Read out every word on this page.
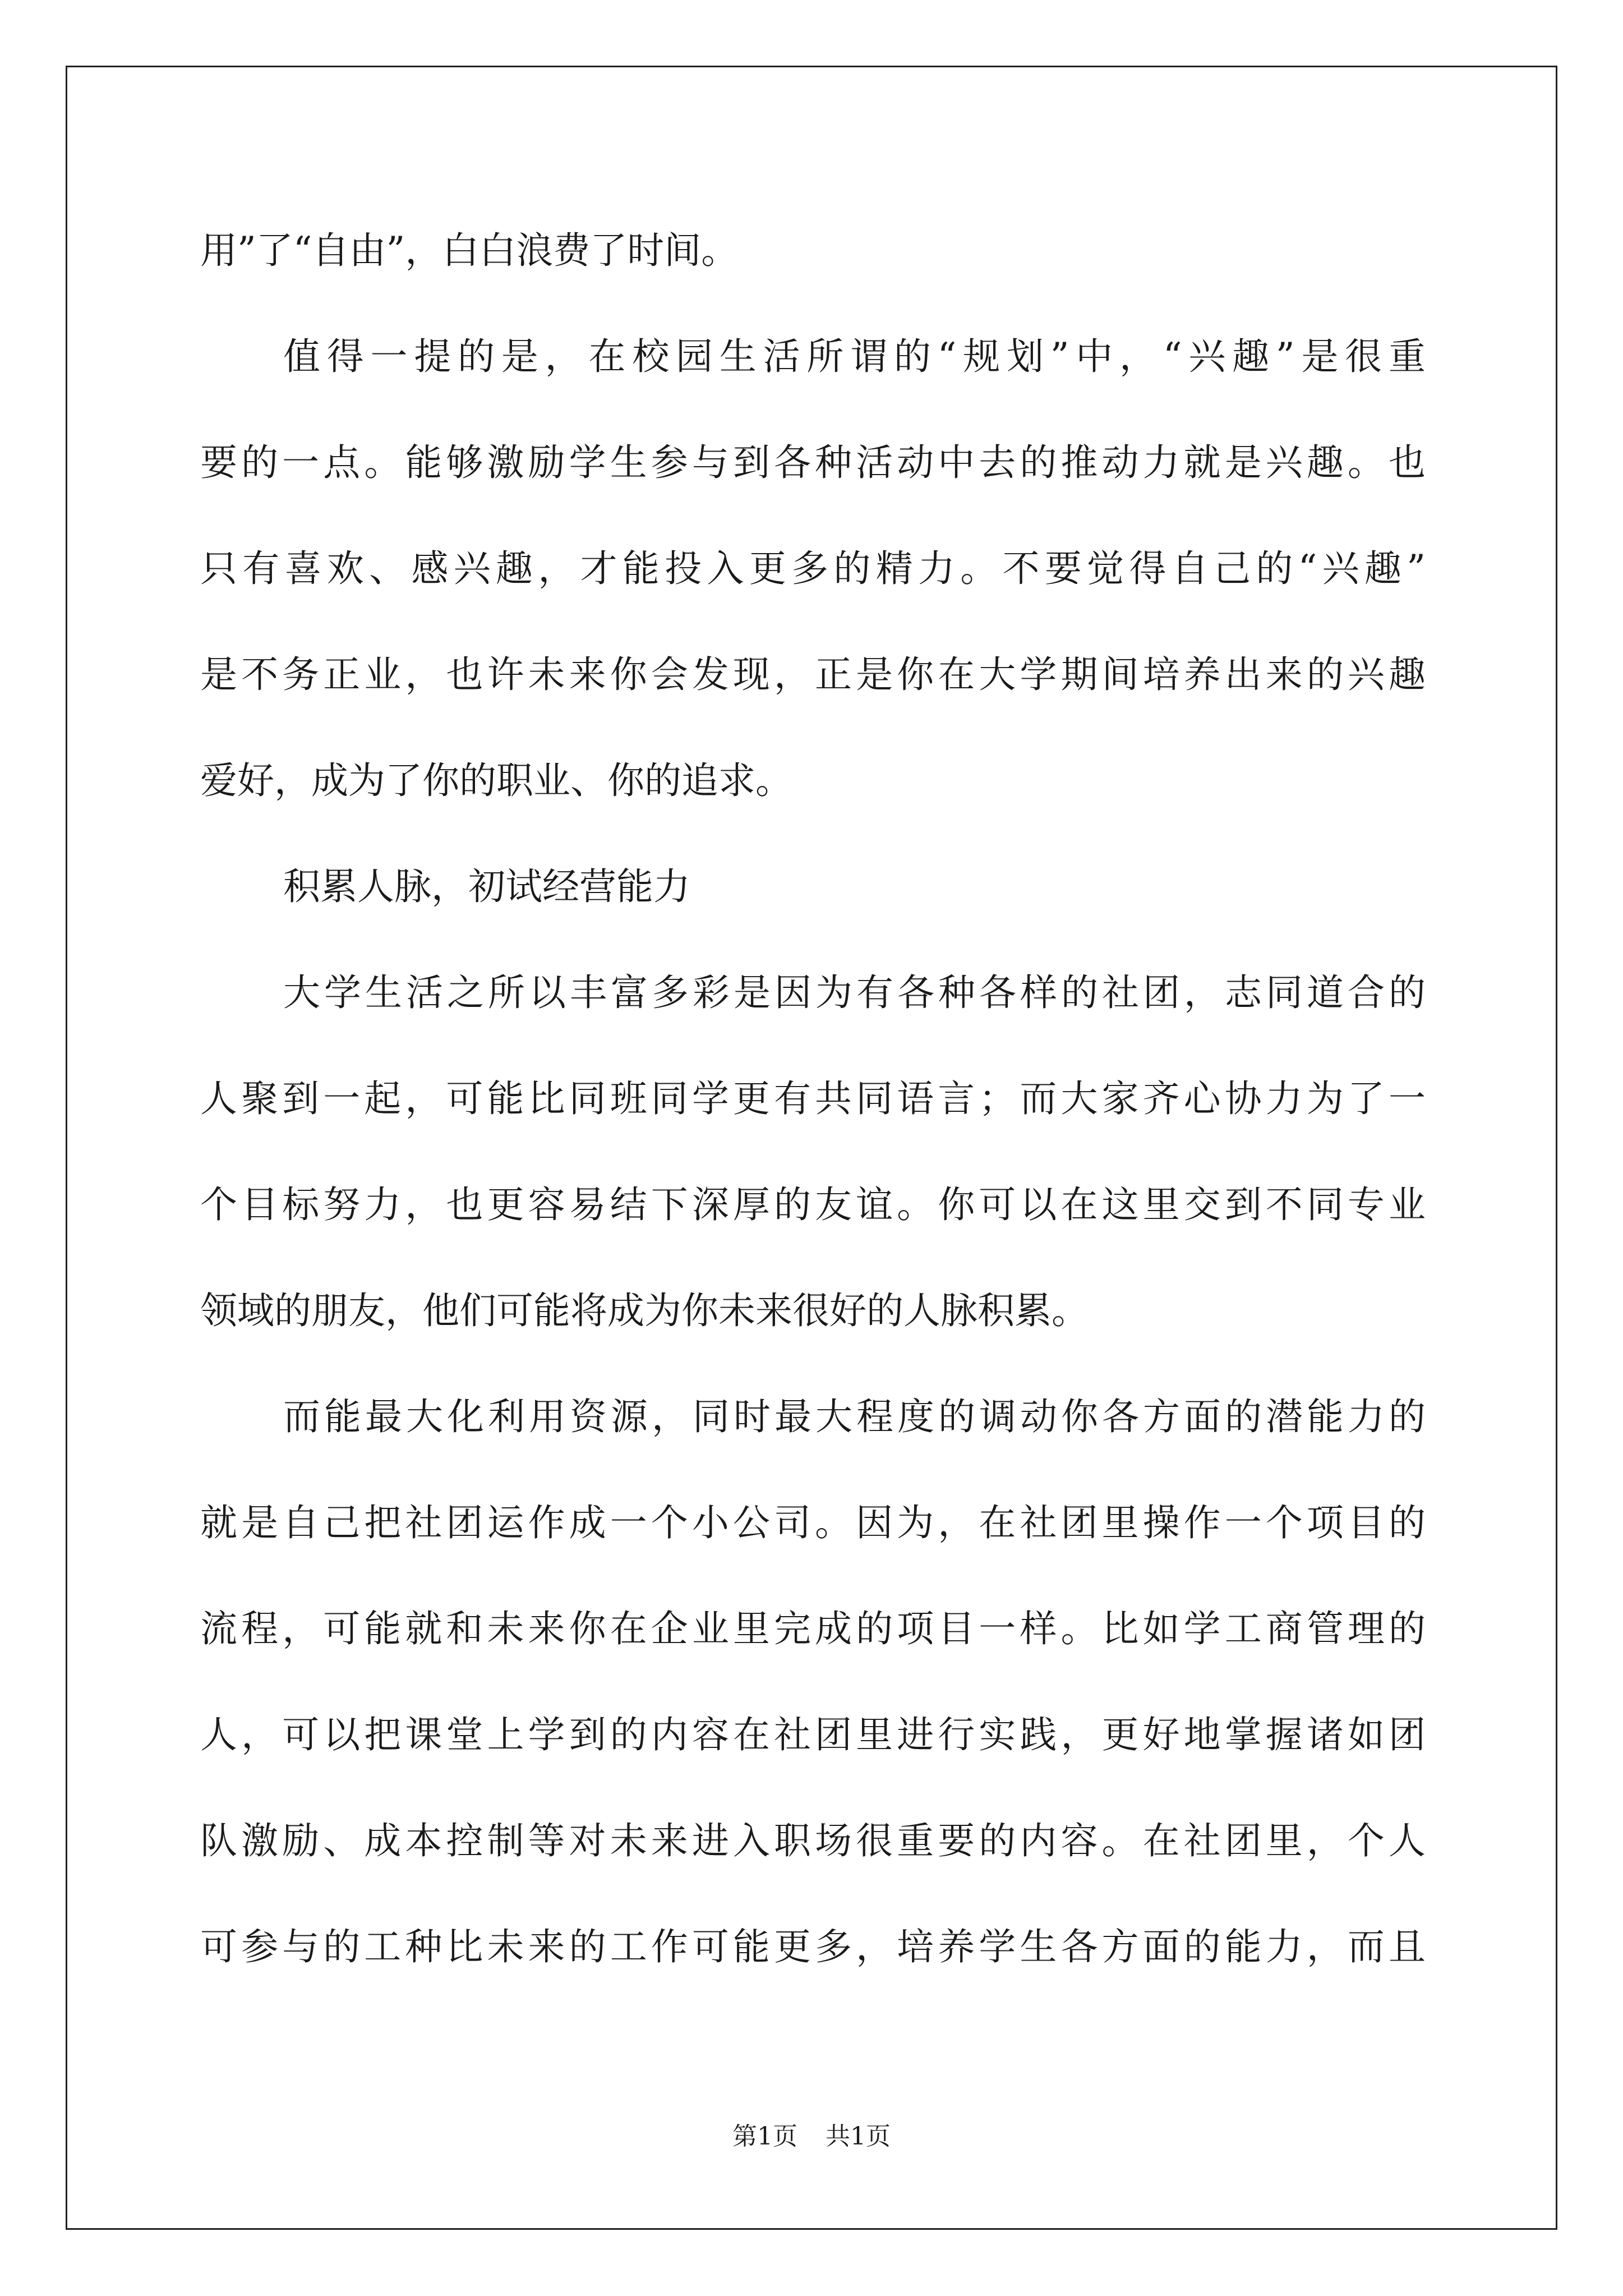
用”了“自由”，白白浪费了时间。
值得一提的是，在校园生活所谓的“规划”中，“兴趣”是很重
要的一点。能够激励学生参与到各种活动中去的推动力就是兴趣。也
只有喜欢、感兴趣，才能投入更多的精力。不要觉得自己的“兴趣”
是不务正业，也许未来你会发现，正是你在大学期间培养出来的兴趣
爱好，成为了你的职业、你的追求。
积累人脉，初试经营能力
大学生活之所以丰富多彩是因为有各种各样的社团，志同道合的
人聚到一起，可能比同班同学更有共同语言；而大家齐心协力为了一
个目标努力，也更容易结下深厚的友谊。你可以在这里交到不同专业
领域的朋友，他们可能将成为你未来很好的人脉积累。
而能最大化利用资源，同时最大程度的调动你各方面的潜能力的
就是自己把社团运作成一个小公司。因为，在社团里操作一个项目的
流程，可能就和未来你在企业里完成的项目一样。比如学工商管理的
人，可以把课堂上学到的内容在社团里进行实践，更好地掌握诸如团
队激励、成本控制等对未来进入职场很重要的内容。在社团里，个人
可参与的工种比未来的工作可能更多，培养学生各方面的能力，而且
第1页 共1页
